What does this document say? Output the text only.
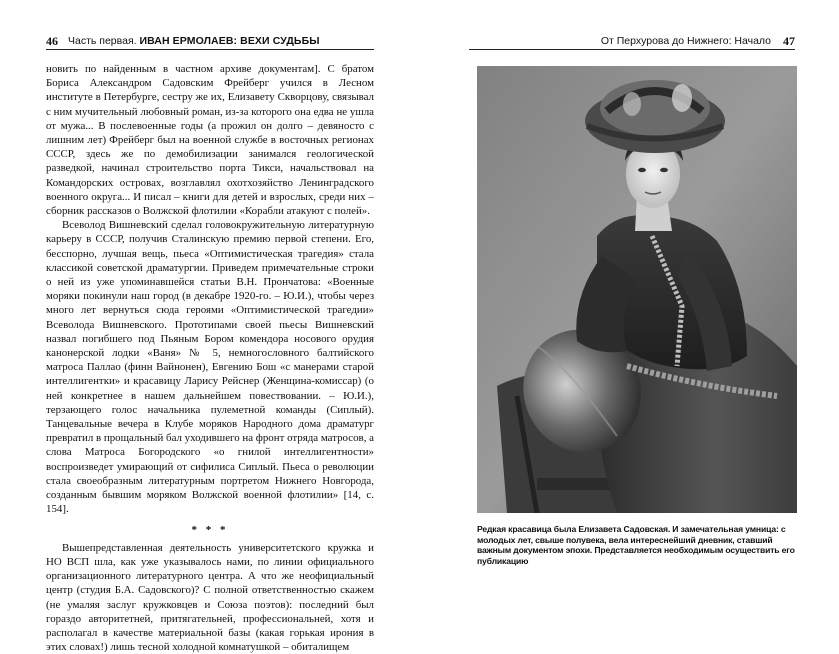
46 Часть первая. ИВАН ЕРМОЛАЕВ: ВЕХИ СУДЬБЫ

новить по найденным в частном архиве документам]. С братом Бориса Александром Садовским Фрейберг учился в Лесном институте в Петербурге, сестру же их, Елизавету Скворцову, связывал с ним мучительный любовный роман, из-за которого она едва не ушла от мужа... В послевоенные годы (а прожил он долго – девяносто с лишним лет) Фрейберг был на военной службе в восточных регионах СССР, здесь же по демобилизации занимался геологической разведкой, начинал строительство порта Тикси, начальствовал на Командорских островах, возглавлял охотхозяйство Ленинградского военного округа... И писал – книги для детей и взрослых, среди них – сборник рассказов о Волжской флотилии «Корабли атакуют с полей».

Всеволод Вишневский сделал головокружительную литературную карьеру в СССР, получив Сталинскую премию первой степени. Его, бесспорно, лучшая вещь, пьеса «Оптимистическая трагедия» стала классикой советской драматургии. Приведем примечательные строки о ней из уже упоминавшейся статьи В.Н. Прончатова: «Военные моряки покинули наш город (в декабре 1920-го. – Ю.И.), чтобы через много лет вернуться сюда героями «Оптимистической трагедии» Всеволода Вишневского. Прототипами своей пьесы Вишневский назвал погибшего под Пьяным Бором комендора носового орудия канонерской лодки «Ваня» № 5, немногословного балтийского матроса Паллао (финн Вайнонен), Евгению Бош «с манерами старой интеллигентки» и красавицу Ларису Рейснер (Женщина-комиссар) (о ней конкретнее в нашем дальнейшем повествовании. – Ю.И.), терзающего голос начальника пулеметной команды (Сиплый). Танцевальные вечера в Клубе моряков Народного дома драматург превратил в прощальный бал уходившего на фронт отряда матросов, а слова Матроса Богородского «о гнилой интеллигентности» воспроизведет умирающий от сифилиса Сиплый. Пьеса о революции стала своеобразным литературным портретом Нижнего Новгорода, созданным бывшим моряком Волжской военной флотилии» [14, с. 154].

* * *

Вышепредставленная деятельность университетского кружка и НО ВСП шла, как уже указывалось нами, по линии официального организационного литературного центра. А что же неофициальный центр (студия Б.А. Садовского)? С полной ответственностью скажем (не умаляя заслуг кружковцев и Союза поэтов): последний был гораздо авторитетней, притягательней, профессиональней, хотя и располагал в качестве материальной базы (какая горькая ирония в этих словах!) лишь тесной холодной комнатушкой – обиталищем

От Перхурова до Нижнего: Начало 47
Редкая красавица была Елизавета Садовская. И замечательная умница: с молодых лет, свыше полувека, вела интереснейший дневник, ставший важным документом эпохи. Представляется необходимым осуществить его публикацию
